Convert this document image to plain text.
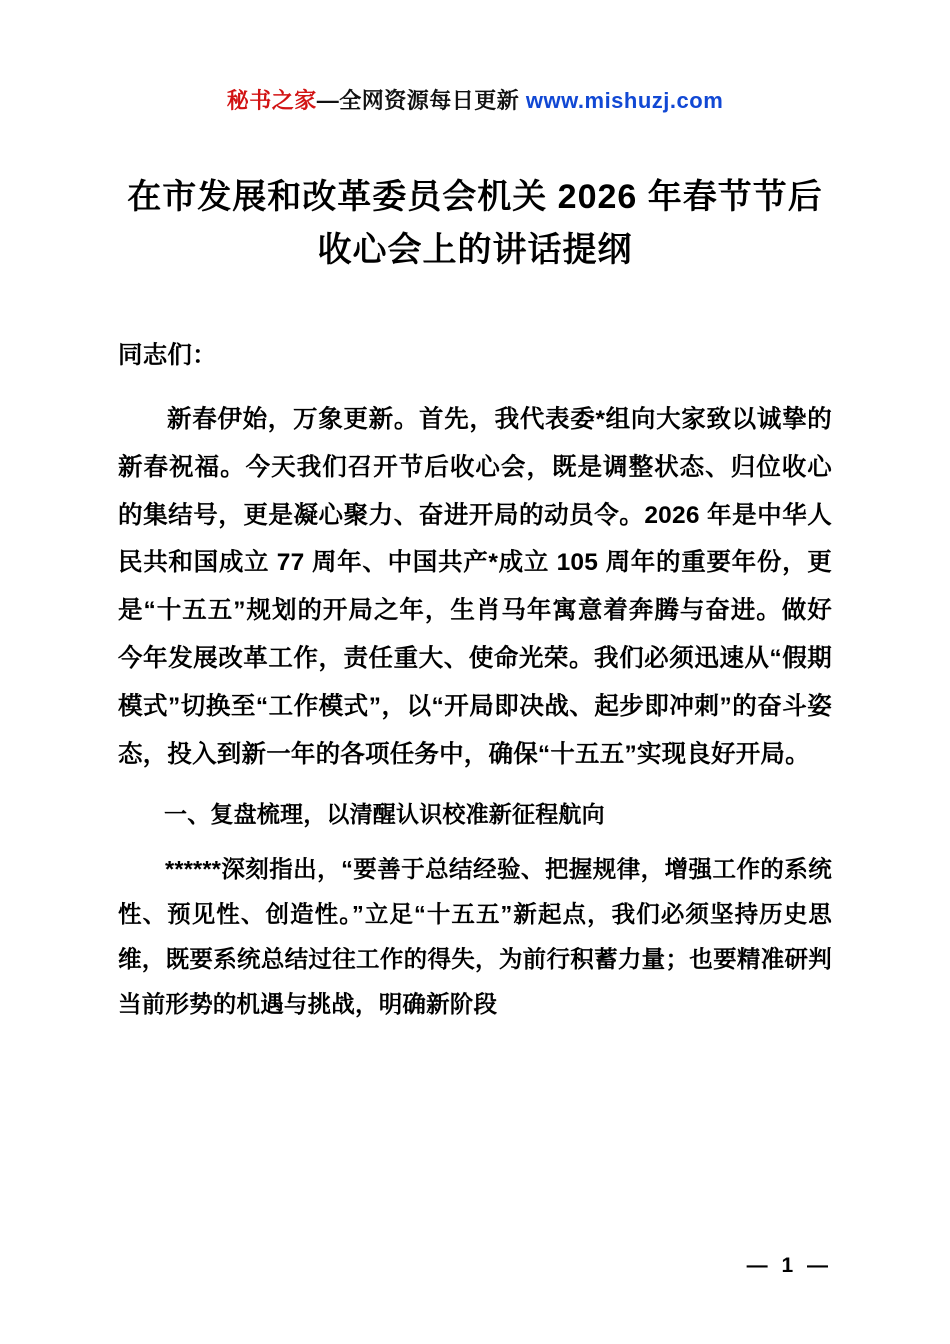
秘书之家—全网资源每日更新 www.mishuzj.com
在市发展和改革委员会机关 2026 年春节节后收心会上的讲话提纲

同志们：

新春伊始，万象更新。首先，我代表委*组向大家致以诚挚的新春祝福。今天我们召开节后收心会，既是调整状态、归位收心的集结号，更是凝心聚力、奋进开局的动员令。2026 年是中华人民共和国成立 77 周年、中国共产*成立 105 周年的重要年份，更是“十五五”规划的开局之年，生肖马年寓意着奔腾与奋进。做好今年发展改革工作，责任重大、使命光荣。我们必须迅速从“假期模式”切换至“工作模式”，以“开局即决战、起步即冲刺”的奋斗姿态，投入到新一年的各项任务中，确保“十五五”实现良好开局。

一、复盘梳理，以清醒认识校准新征程航向

******深刻指出，“要善于总结经验、把握规律，增强工作的系统性、预见性、创造性。”立足“十五五”新起点，我们必须坚持历史思维，既要系统总结过往工作的得失，为前行积蓄力量；也要精准研判当前形势的机遇与挑战，明确新阶段

— 1 —
